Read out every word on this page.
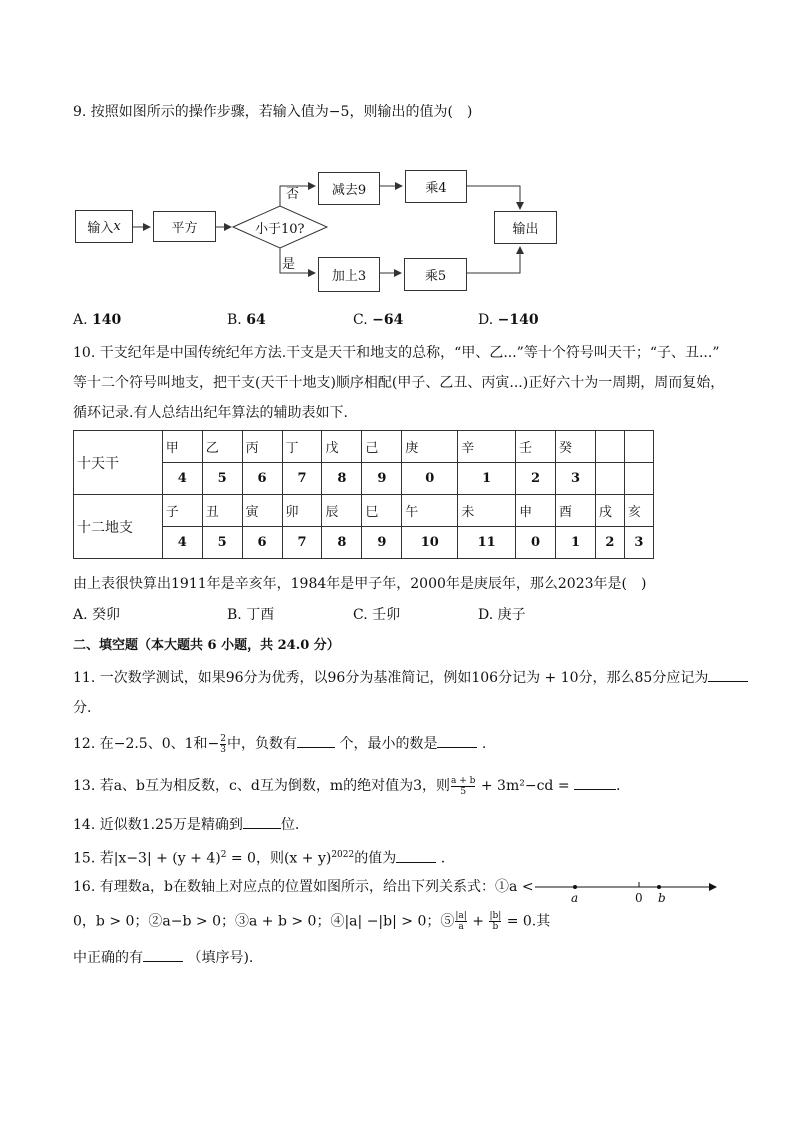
9. 按照如图所示的操作步骤，若输入值为−5，则输出的值为(　)
输入 x	平方	小于10?
否
是
减去9	乘4
加上3	乘5
输出
A. 140	B. 64	C. −64	D. −140
10. 干支纪年是中国传统纪年方法.干支是天干和地支的总称，“甲、乙...”等十个符号叫天干；“子、丑...”
等十二个符号叫地支，把干支(天干十地支)顺序相配(甲子、乙丑、丙寅...)正好六十为一周期，周而复始，
循环记录.有人总结出纪年算法的辅助表如下.
十天干	甲	乙	丙	丁	戊	己	庚	辛	壬	癸		
	4	5	6	7	8	9	0	1	2	3		
十二地支	子	丑	寅	卯	辰	巳	午	未	申	酉	戌	亥
	4	5	6	7	8	9	10	11	0	1	2	3
由上表很快算出1911年是辛亥年，1984年是甲子年，2000年是庚辰年，那么2023年是(　)
A. 癸卯	B. 丁酉	C. 壬卯	D. 庚子
二、填空题（本大题共 6 小题，共 24.0 分）
11. 一次数学测试，如果96分为优秀，以96分为基准简记，例如106分记为 + 10分，那么85分应记为
分.
12. 在−2.5、0、1和− $\frac{2}{3}$ 中，负数有	个，最小的数是	.
13. 若a、b互为相反数，c、d互为倒数，m的绝对值为3，则 $\frac{a + b}{5} + 3m^2-cd$ =	.
14. 近似数1.25万是精确到	位.
15. 若$|x-3| + (y + 4)^2 = 0$，则$(x + y)^{2022}$的值为	.
16. 有理数a，b在数轴上对应点的位置如图所示，给出下列关系式：①a <
a	0 b
0，b > 0；②a−b > 0；③a + b > 0；④|a| −|b| > 0；⑤ $\frac{|a|}{a} + \frac{|b|}{b} = 0$.其
中正确的有	（填序号).
